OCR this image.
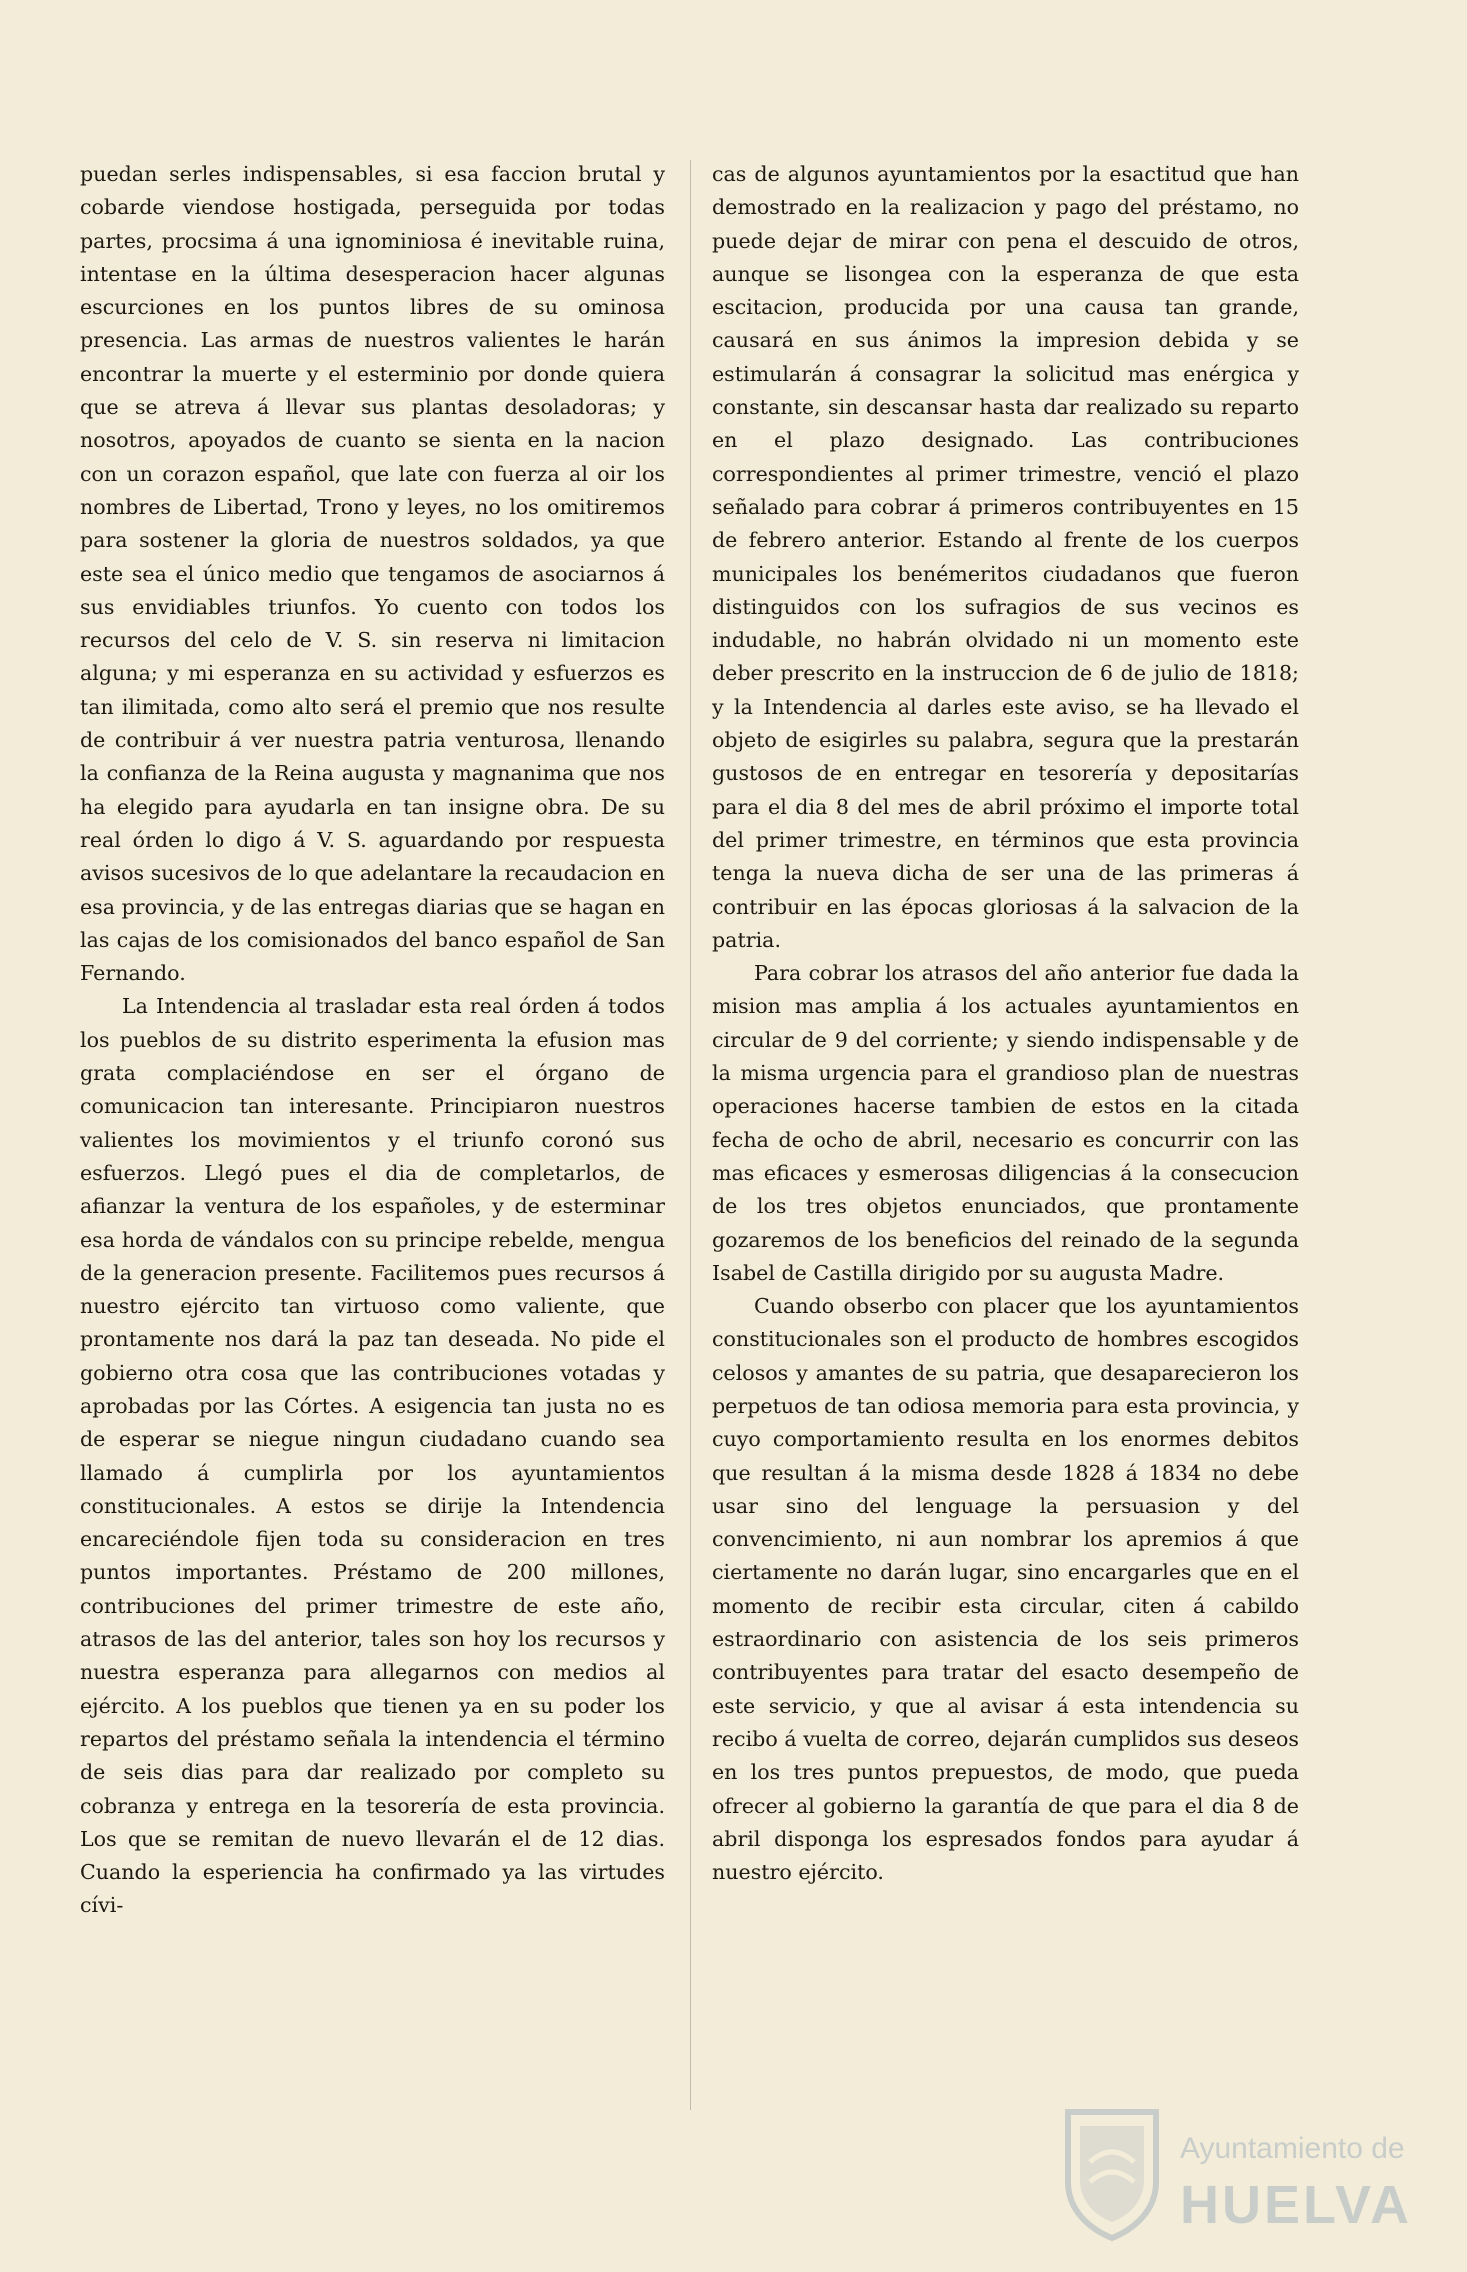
puedan serles indispensables, si esa faccion brutal y cobarde viendose hostigada, perseguida por todas partes, procsima á una ignominiosa é inevitable ruina, intentase en la última desesperacion hacer algunas escurciones en los puntos libres de su ominosa presencia. Las armas de nuestros valientes le harán encontrar la muerte y el esterminio por donde quiera que se atreva á llevar sus plantas desoladoras; y nosotros, apoyados de cuanto se sienta en la nacion con un corazon español, que late con fuerza al oir los nombres de Libertad, Trono y leyes, no los omitiremos para sostener la gloria de nuestros soldados, ya que este sea el único medio que tengamos de asociarnos á sus envidiables triunfos. Yo cuento con todos los recursos del celo de V. S. sin reserva ni limitacion alguna; y mi esperanza en su actividad y esfuerzos es tan ilimitada, como alto será el premio que nos resulte de contribuir á ver nuestra patria venturosa, llenando la confianza de la Reina augusta y magnanima que nos ha elegido para ayudarla en tan insigne obra. De su real órden lo digo á V. S. aguardando por respuesta avisos sucesivos de lo que adelantare la recaudacion en esa provincia, y de las entregas diarias que se hagan en las cajas de los comisionados del banco español de San Fernando.

La Intendencia al trasladar esta real órden á todos los pueblos de su distrito esperimenta la efusion mas grata complaciéndose en ser el órgano de comunicacion tan interesante. Principiaron nuestros valientes los movimientos y el triunfo coronó sus esfuerzos. Llegó pues el dia de completarlos, de afianzar la ventura de los españoles, y de esterminar esa horda de vándalos con su principe rebelde, mengua de la generacion presente. Facilitemos pues recursos á nuestro ejército tan virtuoso como valiente, que prontamente nos dará la paz tan deseada. No pide el gobierno otra cosa que las contribuciones votadas y aprobadas por las Córtes. A esigencia tan justa no es de esperar se niegue ningun ciudadano cuando sea llamado á cumplirla por los ayuntamientos constitucionales. A estos se dirije la Intendencia encareciéndole fijen toda su consideracion en tres puntos importantes. Préstamo de 200 millones, contribuciones del primer trimestre de este año, atrasos de las del anterior, tales son hoy los recursos y nuestra esperanza para allegarnos con medios al ejército. A los pueblos que tienen ya en su poder los repartos del préstamo señala la intendencia el término de seis dias para dar realizado por completo su cobranza y entrega en la tesorería de esta provincia. Los que se remitan de nuevo llevarán el de 12 dias. Cuando la esperiencia ha confirmado ya las virtudes cívi-

cas de algunos ayuntamientos por la esactitud que han demostrado en la realizacion y pago del préstamo, no puede dejar de mirar con pena el descuido de otros, aunque se lisongea con la esperanza de que esta escitacion, producida por una causa tan grande, causará en sus ánimos la impresion debida y se estimularán á consagrar la solicitud mas enérgica y constante, sin descansar hasta dar realizado su reparto en el plazo designado. Las contribuciones correspondientes al primer trimestre, venció el plazo señalado para cobrar á primeros contribuyentes en 15 de febrero anterior. Estando al frente de los cuerpos municipales los benémeritos ciudadanos que fueron distinguidos con los sufragios de sus vecinos es indudable, no habrán olvidado ni un momento este deber prescrito en la instruccion de 6 de julio de 1818; y la Intendencia al darles este aviso, se ha llevado el objeto de esigirles su palabra, segura que la prestarán gustosos de en entregar en tesorería y depositarías para el dia 8 del mes de abril próximo el importe total del primer trimestre, en términos que esta provincia tenga la nueva dicha de ser una de las primeras á contribuir en las épocas gloriosas á la salvacion de la patria.

Para cobrar los atrasos del año anterior fue dada la mision mas amplia á los actuales ayuntamientos en circular de 9 del corriente; y siendo indispensable y de la misma urgencia para el grandioso plan de nuestras operaciones hacerse tambien de estos en la citada fecha de ocho de abril, necesario es concurrir con las mas eficaces y esmerosas diligencias á la consecucion de los tres objetos enunciados, que prontamente gozaremos de los beneficios del reinado de la segunda Isabel de Castilla dirigido por su augusta Madre.

Cuando obserbo con placer que los ayuntamientos constitucionales son el producto de hombres escogidos celosos y amantes de su patria, que desaparecieron los perpetuos de tan odiosa memoria para esta provincia, y cuyo comportamiento resulta en los enormes debitos que resultan á la misma desde 1828 á 1834 no debe usar sino del lenguage la persuasion y del convencimiento, ni aun nombrar los apremios á que ciertamente no darán lugar, sino encargarles que en el momento de recibir esta circular, citen á cabildo estraordinario con asistencia de los seis primeros contribuyentes para tratar del esacto desempeño de este servicio, y que al avisar á esta intendencia su recibo á vuelta de correo, dejarán cumplidos sus deseos en los tres puntos prepuestos, de modo, que pueda ofrecer al gobierno la garantía de que para el dia 8 de abril disponga los espresados fondos para ayudar á nuestro ejército.

Ayuntamiento de
HUELVA
